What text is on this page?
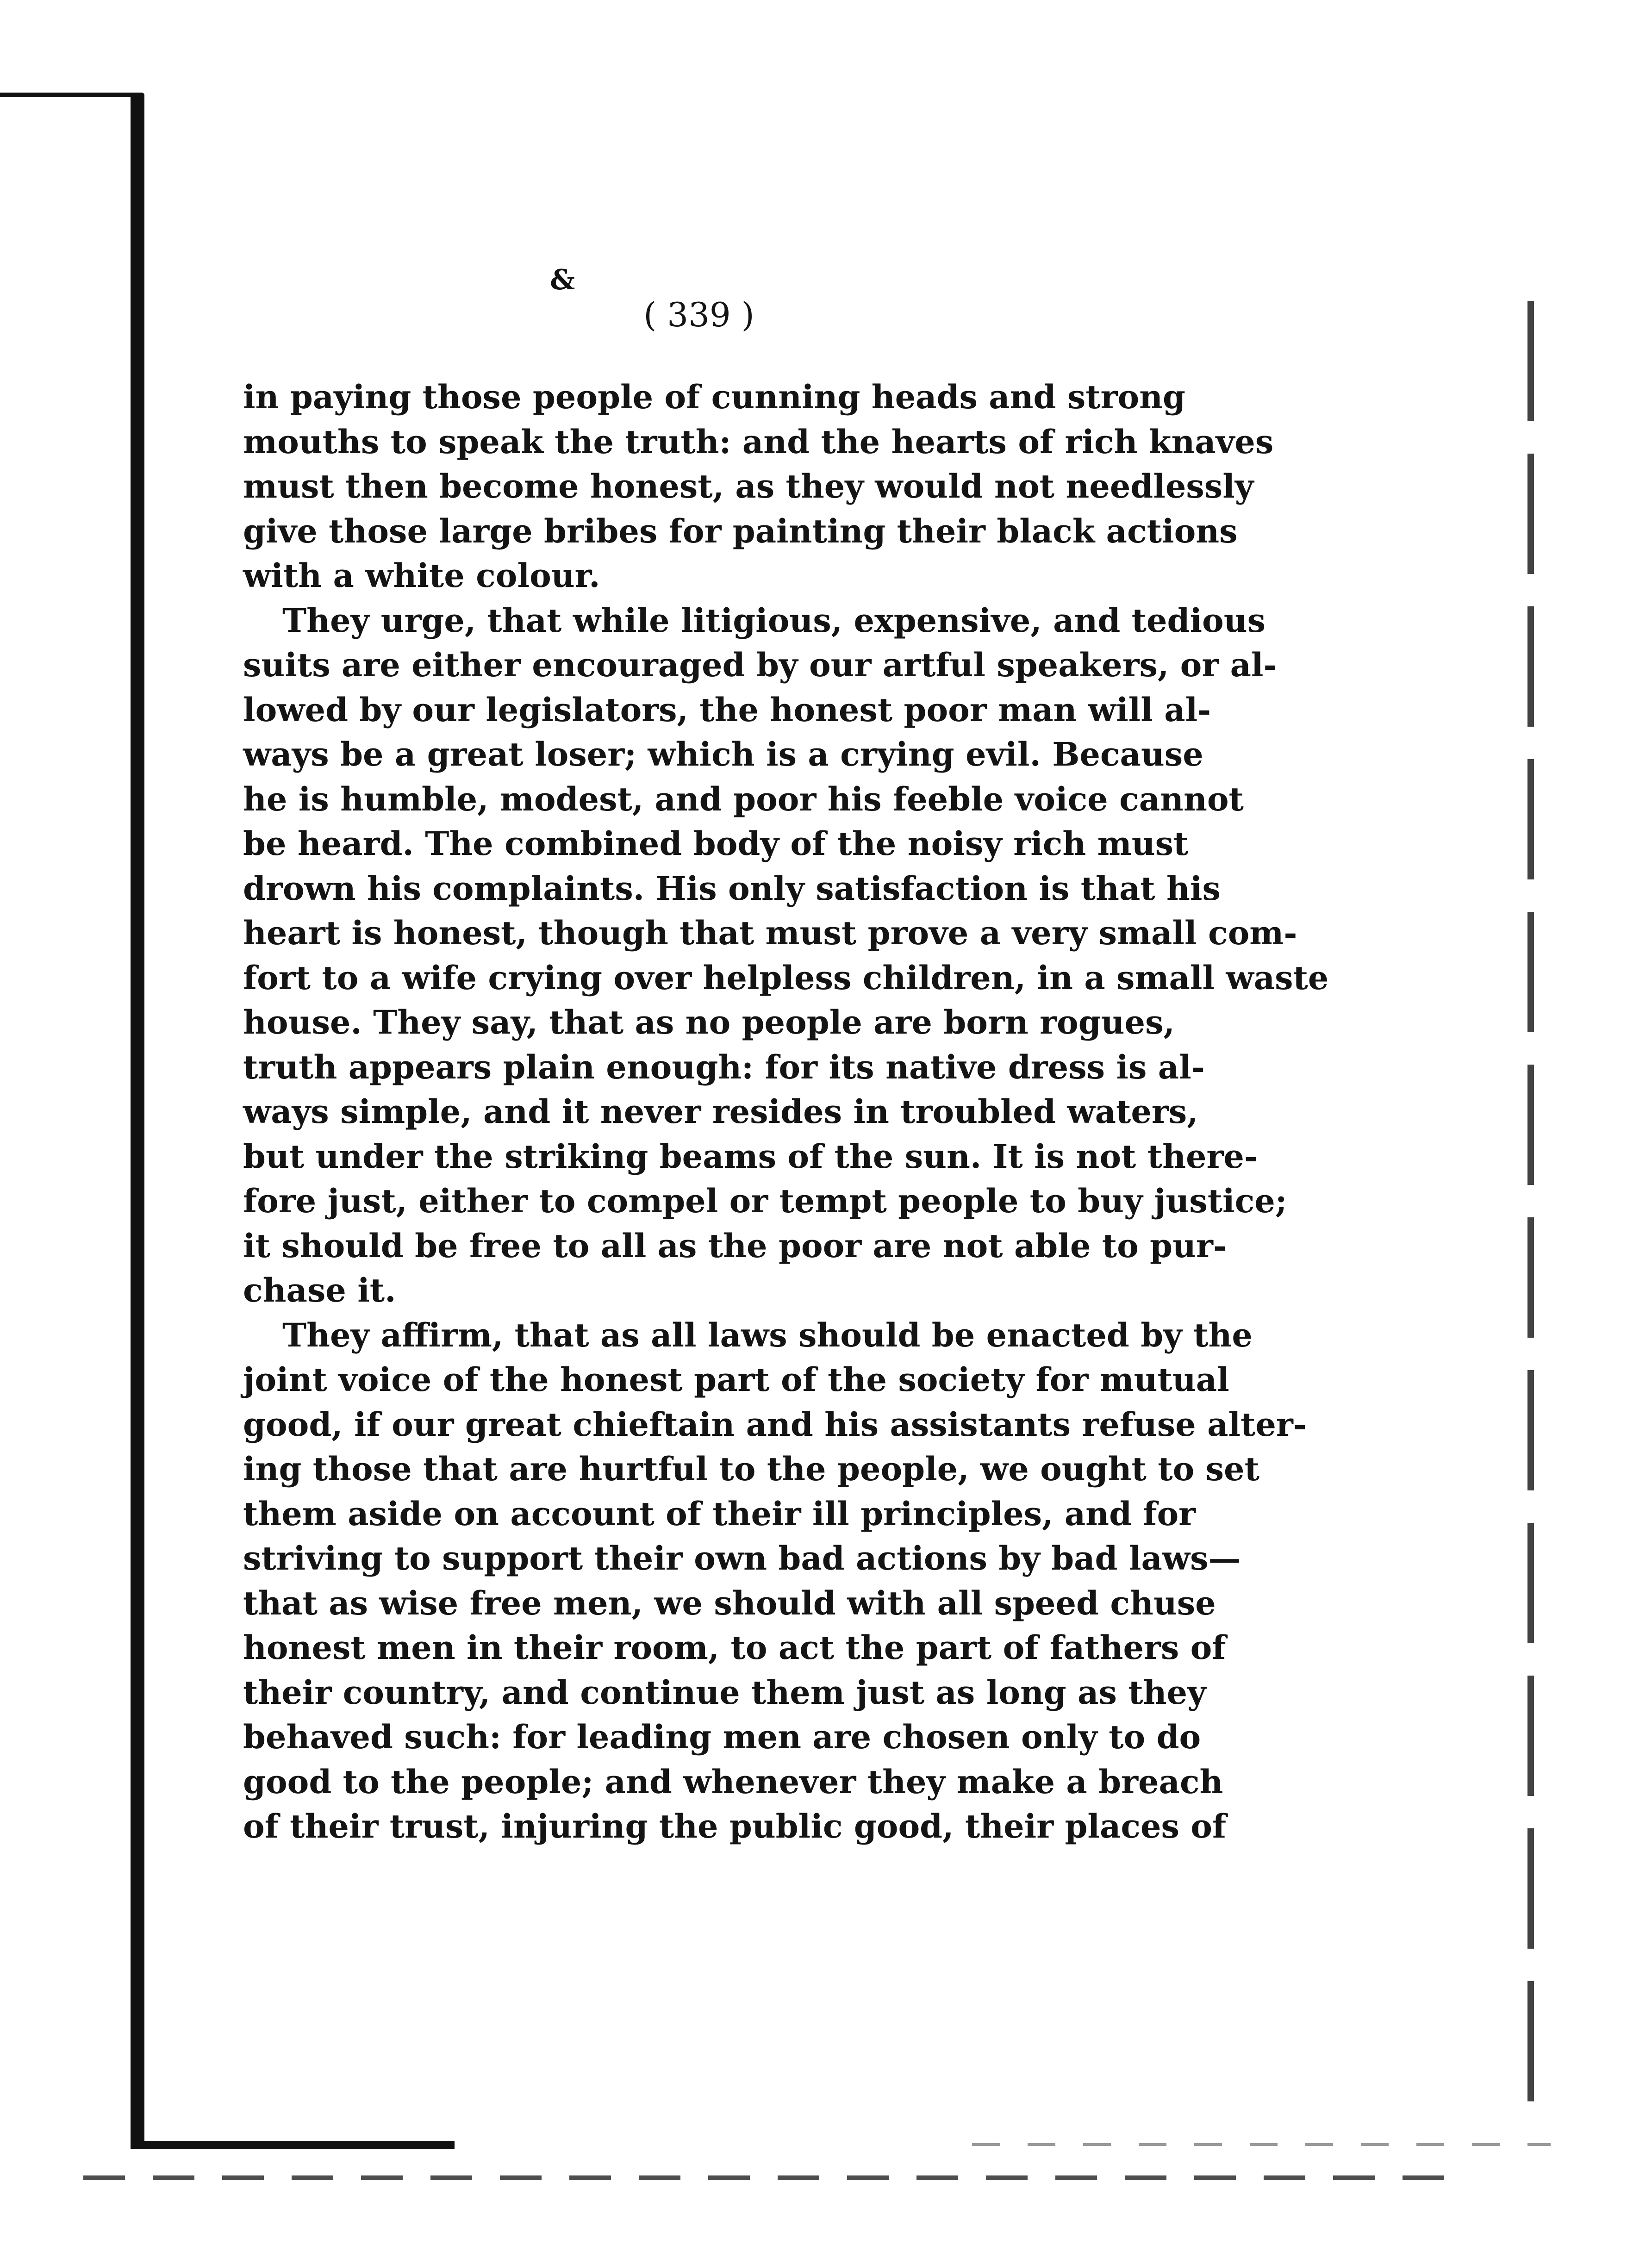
&
( 339 )
in paying those people of cunning heads and strong
mouths to speak the truth: and the hearts of rich knaves
must then become honest, as they would not needlessly
give those large bribes for painting their black actions
with a white colour.
They urge, that while litigious, expensive, and tedious
suits are either encouraged by our artful speakers, or al-
lowed by our legislators, the honest poor man will al-
ways be a great loser; which is a crying evil. Because
he is humble, modest, and poor his feeble voice cannot
be heard. The combined body of the noisy rich must
drown his complaints. His only satisfaction is that his
heart is honest, though that must prove a very small com-
fort to a wife crying over helpless children, in a small waste
house. They say, that as no people are born rogues,
truth appears plain enough: for its native dress is al-
ways simple, and it never resides in troubled waters,
but under the striking beams of the sun. It is not there-
fore just, either to compel or tempt people to buy justice;
it should be free to all as the poor are not able to pur-
chase it.
They affirm, that as all laws should be enacted by the
joint voice of the honest part of the society for mutual
good, if our great chieftain and his assistants refuse alter-
ing those that are hurtful to the people, we ought to set
them aside on account of their ill principles, and for
striving to support their own bad actions by bad laws—
that as wise free men, we should with all speed chuse
honest men in their room, to act the part of fathers of
their country, and continue them just as long as they
behaved such: for leading men are chosen only to do
good to the people; and whenever they make a breach
of their trust, injuring the public good, their places of
